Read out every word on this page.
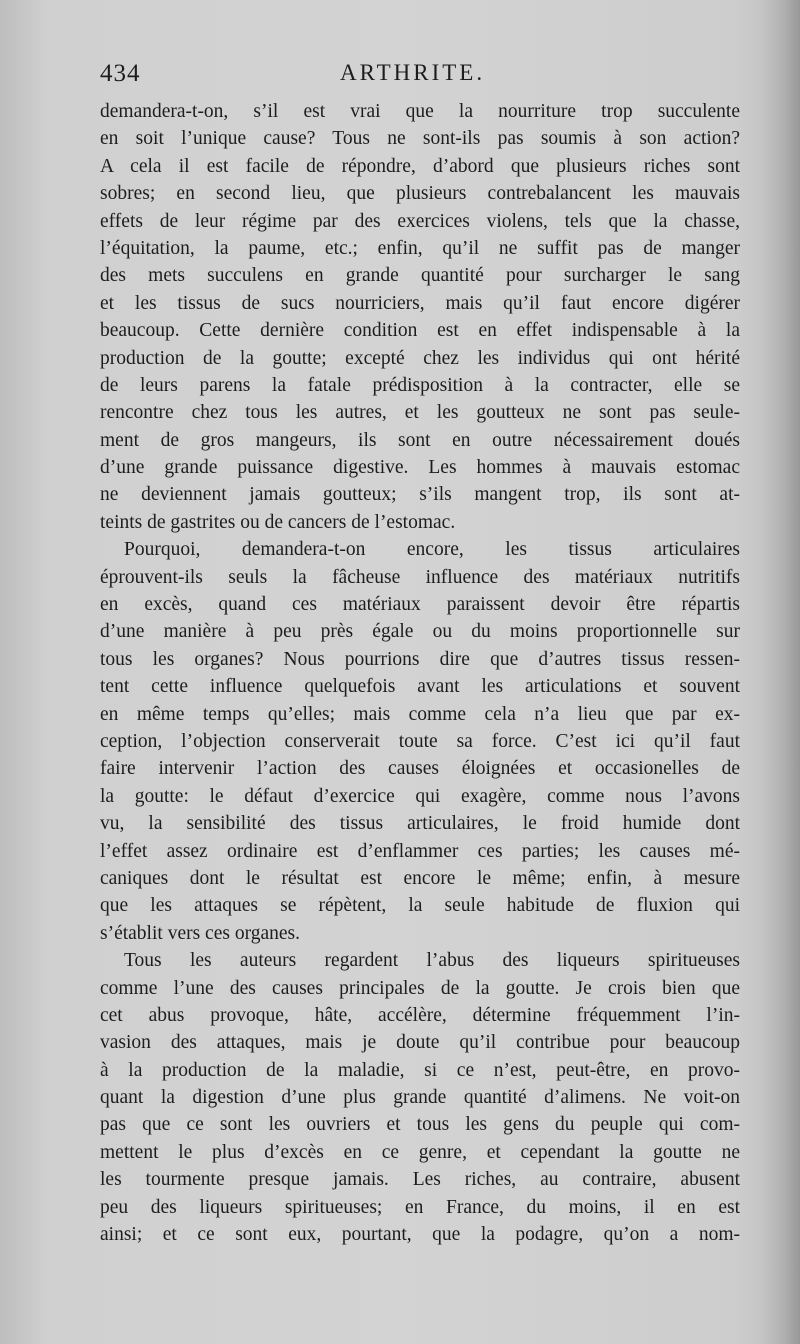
434	ARTHRITE.
demandera-t-on, s’il est vrai que la nourriture trop succulente
en soit l’unique cause? Tous ne sont-ils pas soumis à son action?
A cela il est facile de répondre, d’abord que plusieurs riches sont
sobres; en second lieu, que plusieurs contrebalancent les mauvais
effets de leur régime par des exercices violens, tels que la chasse,
l’équitation, la paume, etc.; enfin, qu’il ne suffit pas de manger
des mets succulens en grande quantité pour surcharger le sang
et les tissus de sucs nourriciers, mais qu’il faut encore digérer
beaucoup. Cette dernière condition est en effet indispensable à la
production de la goutte; excepté chez les individus qui ont hérité
de leurs parens la fatale prédisposition à la contracter, elle se
rencontre chez tous les autres, et les goutteux ne sont pas seule-
ment de gros mangeurs, ils sont en outre nécessairement doués
d’une grande puissance digestive. Les hommes à mauvais estomac
ne deviennent jamais goutteux; s’ils mangent trop, ils sont at-
teints de gastrites ou de cancers de l’estomac.
Pourquoi, demandera-t-on encore, les tissus articulaires
éprouvent-ils seuls la fâcheuse influence des matériaux nutritifs
en excès, quand ces matériaux paraissent devoir être répartis
d’une manière à peu près égale ou du moins proportionnelle sur
tous les organes? Nous pourrions dire que d’autres tissus ressen-
tent cette influence quelquefois avant les articulations et souvent
en même temps qu’elles; mais comme cela n’a lieu que par ex-
ception, l’objection conserverait toute sa force. C’est ici qu’il faut
faire intervenir l’action des causes éloignées et occasionelles de
la goutte: le défaut d’exercice qui exagère, comme nous l’avons
vu, la sensibilité des tissus articulaires, le froid humide dont
l’effet assez ordinaire est d’enflammer ces parties; les causes mé-
caniques dont le résultat est encore le même; enfin, à mesure
que les attaques se répètent, la seule habitude de fluxion qui
s’établit vers ces organes.
Tous les auteurs regardent l’abus des liqueurs spiritueuses
comme l’une des causes principales de la goutte. Je crois bien que
cet abus provoque, hâte, accélère, détermine fréquemment l’in-
vasion des attaques, mais je doute qu’il contribue pour beaucoup
à la production de la maladie, si ce n’est, peut-être, en provo-
quant la digestion d’une plus grande quantité d’alimens. Ne voit-on
pas que ce sont les ouvriers et tous les gens du peuple qui com-
mettent le plus d’excès en ce genre, et cependant la goutte ne
les tourmente presque jamais. Les riches, au contraire, abusent
peu des liqueurs spiritueuses; en France, du moins, il en est
ainsi; et ce sont eux, pourtant, que la podagre, qu’on a nom-
